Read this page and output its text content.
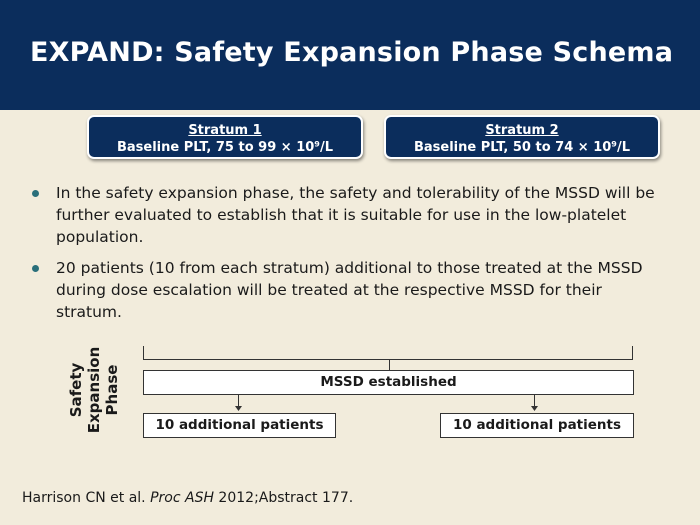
EXPAND: Safety Expansion Phase Schema
Stratum 1
Baseline PLT, 75 to 99 × 10⁹/L
Stratum 2
Baseline PLT, 50 to 74 × 10⁹/L
In the safety expansion phase, the safety and tolerability of the MSSD will be further evaluated to establish that it is suitable for use in the low-platelet population.
20 patients (10 from each stratum) additional to those treated at the MSSD during dose escalation will be treated at the respective MSSD for their stratum.
Safety Expansion Phase	MSSD established
10 additional patients	10 additional patients
Harrison CN et al. Proc ASH 2012;Abstract 177.
